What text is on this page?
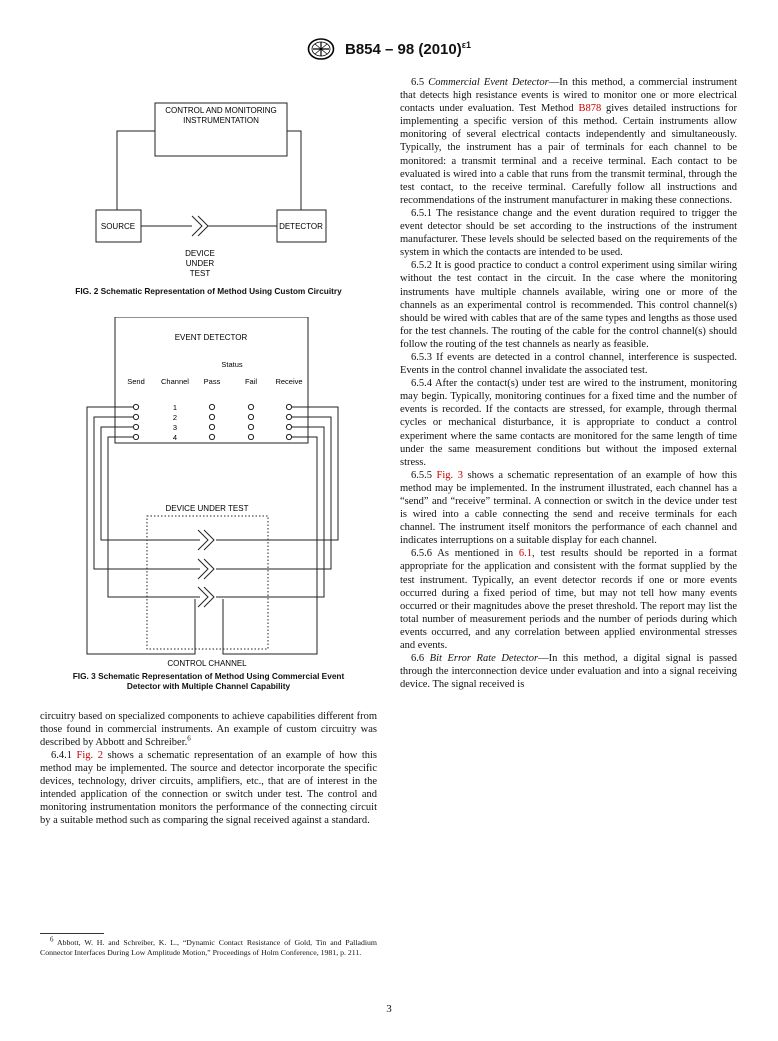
B854 – 98 $(2010)^{\varepsilon 1}$
CONTROL AND MONITORING
INSTRUMENTATION
SOURCE	DETECTOR
DEVICE
UNDER
TEST
FIG. 2 Schematic Representation of Method Using Custom Circuitry
EVENT DETECTOR
Status
Send Channel Pass	Fail Receive
1
2
3
4
DEVICE UNDER TEST
CONTROL CHANNEL
FIG. 3 Schematic Representation of Method Using Commercial Event Detector with Multiple Channel Capability

circuitry based on specialized components to achieve capabilities different from those found in commercial instruments. An example of custom circuitry was described by Abbott and Schreiber.$^6$

6.4.1 Fig. 2 shows a schematic representation of an example of how this method may be implemented. The source and detector incorporate the specific devices, technology, driver circuits, amplifiers, etc., that are of interest in the intended application of the connection or switch under test. The control and monitoring instrumentation monitors the performance of the connecting circuit by a suitable method such as comparing the signal received against a standard.

$^6$ Abbott, W. H. and Schreiber, K. L., “Dynamic Contact Resistance of Gold, Tin and Palladium Connector Interfaces During Low Amplitude Motion,” Proceedings of Holm Conference, 1981, p. 211.

6.5 Commercial Event Detector—In this method, a commercial instrument that detects high resistance events is wired to monitor one or more electrical contacts under evaluation. Test Method B878 gives detailed instructions for implementing a specific version of this method. Certain instruments allow monitoring of several electrical contacts independently and simultaneously. Typically, the instrument has a pair of terminals for each channel to be monitored: a transmit terminal and a receive terminal. Each contact to be evaluated is wired into a cable that runs from the transmit terminal, through the test contact, to the receive terminal. Carefully follow all instructions and recommendations of the instrument manufacturer in making these connections.

6.5.1 The resistance change and the event duration required to trigger the event detector should be set according to the instructions of the instrument manufacturer. These levels should be selected based on the requirements of the system in which the contacts are intended to be used.

6.5.2 It is good practice to conduct a control experiment using similar wiring without the test contact in the circuit. In the case where the monitoring instruments have multiple channels available, wiring one or more of the channels as an experimental control is recommended. This control channel(s) should be wired with cables that are of the same types and lengths as those used for the test channels. The routing of the cable for the control channel(s) should follow the routing of the test channels as nearly as feasible.

6.5.3 If events are detected in a control channel, interference is suspected. Events in the control channel invalidate the associated test.

6.5.4 After the contact(s) under test are wired to the instrument, monitoring may begin. Typically, monitoring continues for a fixed time and the number of events is recorded. If the contacts are stressed, for example, through thermal cycles or mechanical disturbance, it is appropriate to conduct a control experiment where the same contacts are monitored for the same length of time under the same measurement conditions but without the imposed external stress.

6.5.5 Fig. 3 shows a schematic representation of an example of how this method may be implemented. In the instrument illustrated, each channel has a “send” and “receive” terminal. A connection or switch in the device under test is wired into a cable connecting the send and receive terminals for each channel. The instrument itself monitors the performance of each channel and indicates interruptions on a suitable display for each channel.

6.5.6 As mentioned in 6.1, test results should be reported in a format appropriate for the application and consistent with the format supplied by the test instrument. Typically, an event detector records if one or more events occurred during a fixed period of time, but may not tell how many events occurred or their magnitudes above the preset threshold. The report may list the total number of measurement periods and the number of periods during which events occurred, and any correlation between applied environmental stresses and events.

6.6 Bit Error Rate Detector—In this method, a digital signal is passed through the interconnection device under evaluation and into a signal receiving device. The signal received is

3
